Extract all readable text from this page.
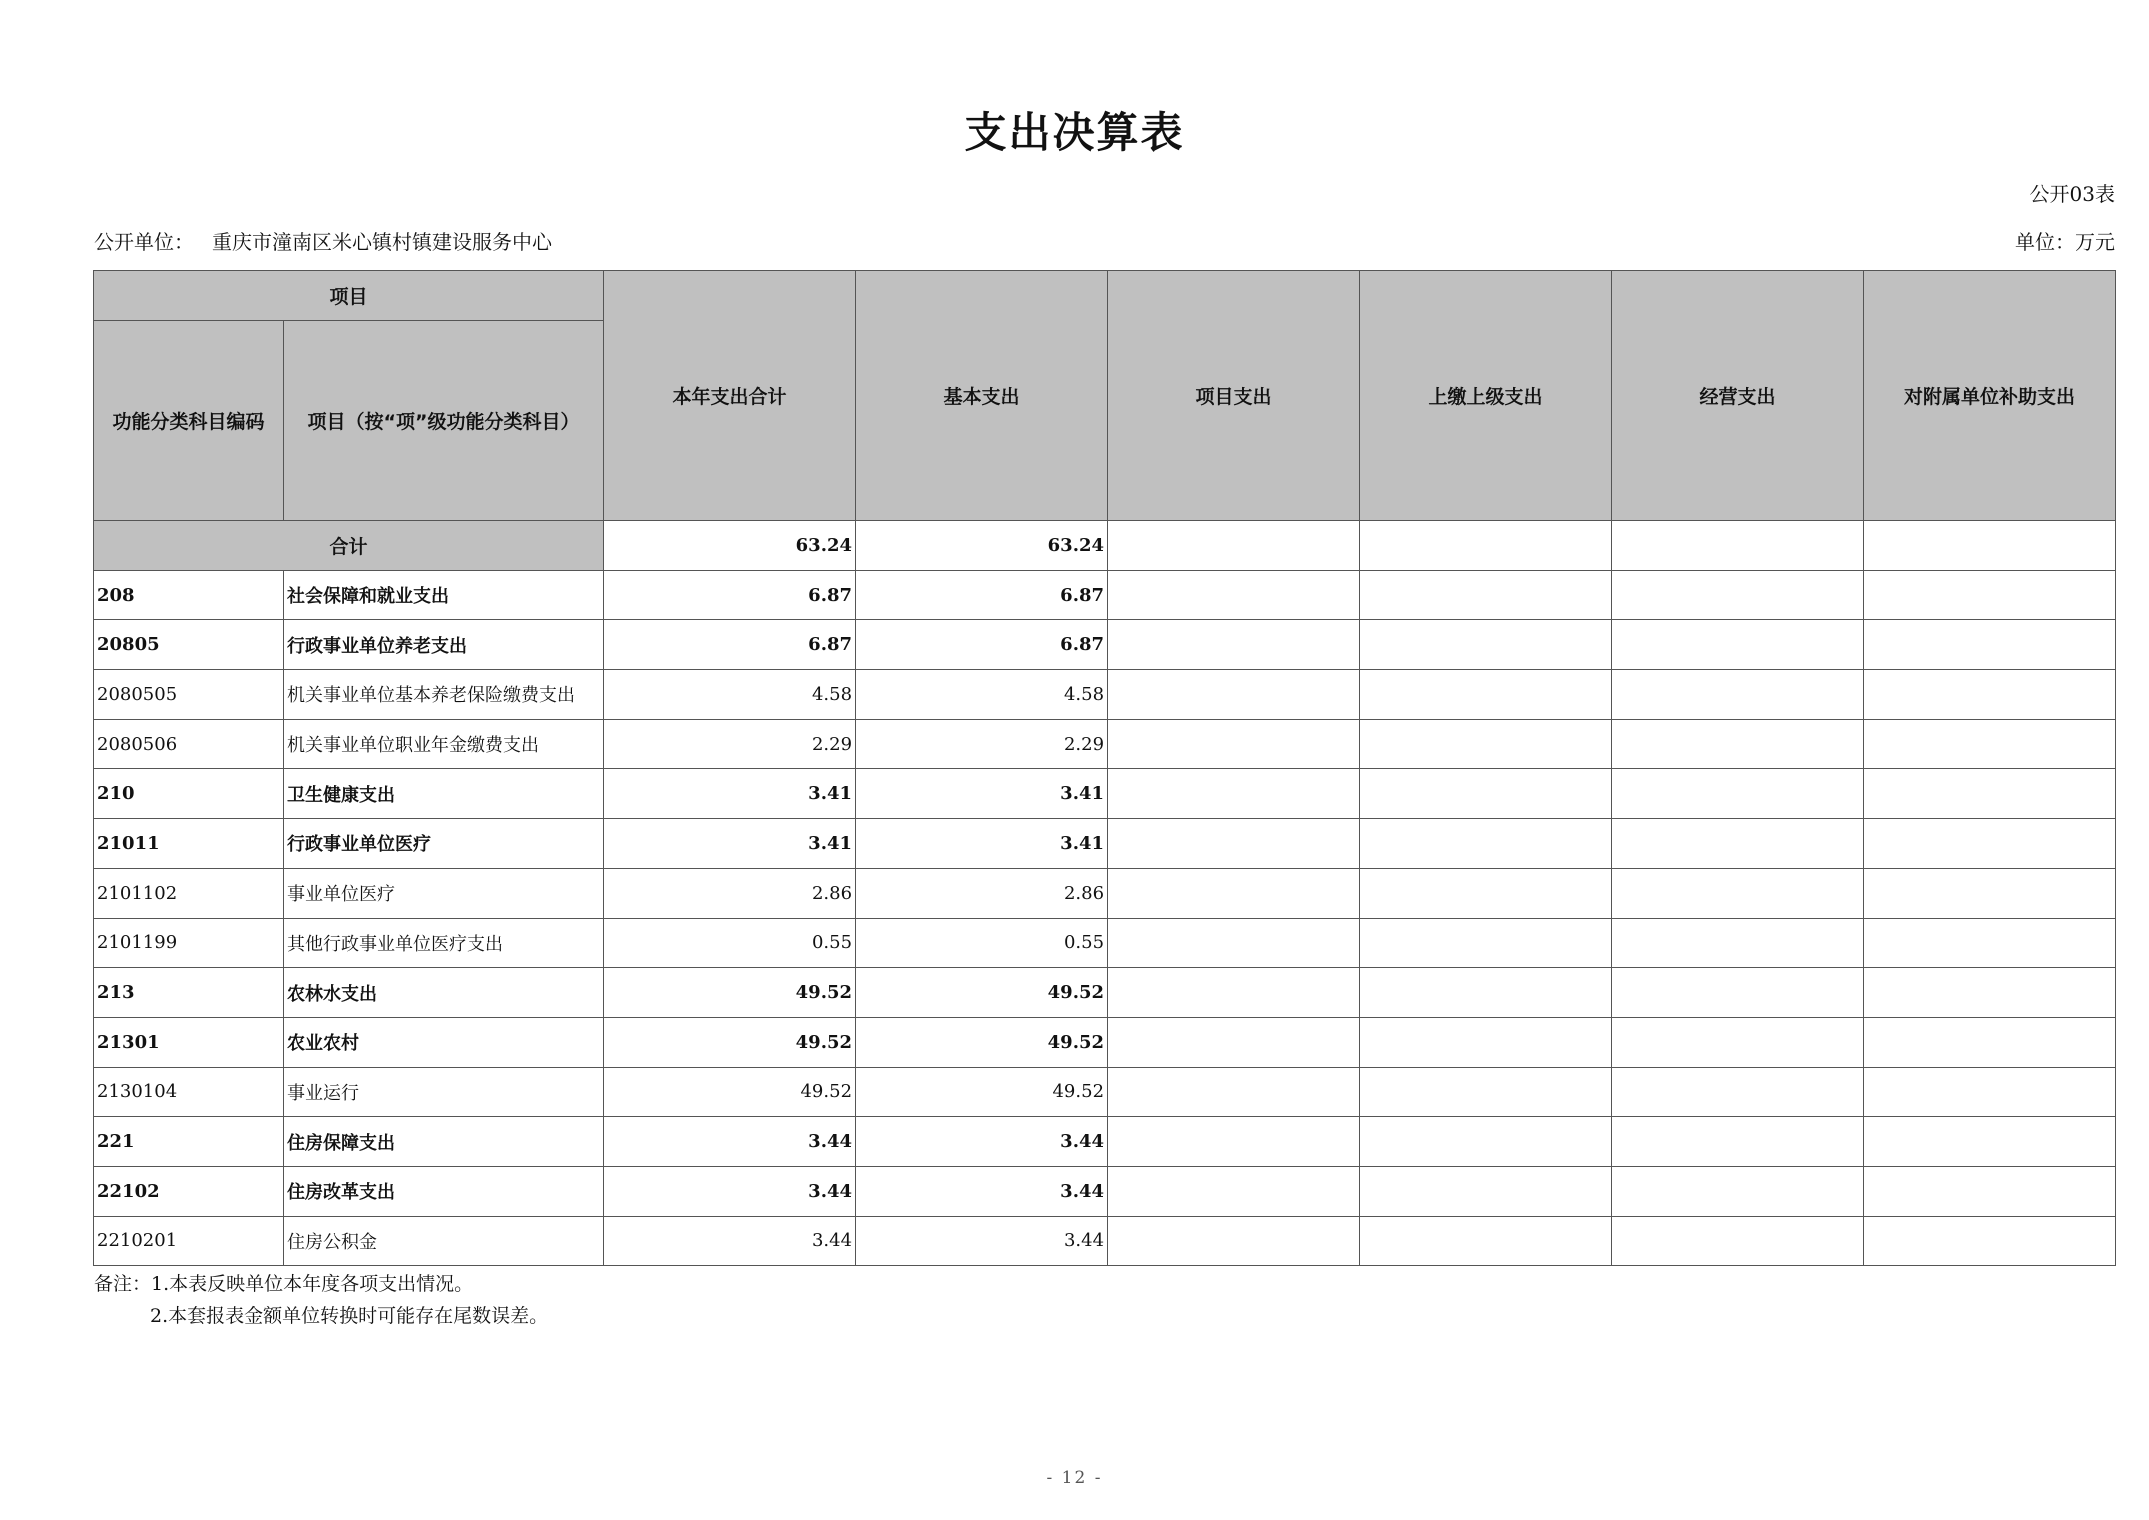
支出决算表
公开03表
公开单位： 重庆市潼南区米心镇村镇建设服务中心	单位：万元
项目		本年支出合计	基本支出	项目支出	上缴上级支出	经营支出	对附属单位补助支出
功能分类科目编码	项目（按“项”级功能分类科目）						
合计		63.24	63.24				
208	社会保障和就业支出	6.87	6.87				
20805	行政事业单位养老支出	6.87	6.87				
2080505	机关事业单位基本养老保险缴费支出	4.58	4.58				
2080506	机关事业单位职业年金缴费支出	2.29	2.29				
210	卫生健康支出	3.41	3.41				
21011	行政事业单位医疗	3.41	3.41				
2101102	事业单位医疗	2.86	2.86				
2101199	其他行政事业单位医疗支出	0.55	0.55				
213	农林水支出	49.52	49.52				
21301	农业农村	49.52	49.52				
2130104	事业运行	49.52	49.52				
221	住房保障支出	3.44	3.44				
22102	住房改革支出	3.44	3.44				
2210201	住房公积金	3.44	3.44				
备注：1.本表反映单位本年度各项支出情况。
2.本套报表金额单位转换时可能存在尾数误差。
- 12 -
